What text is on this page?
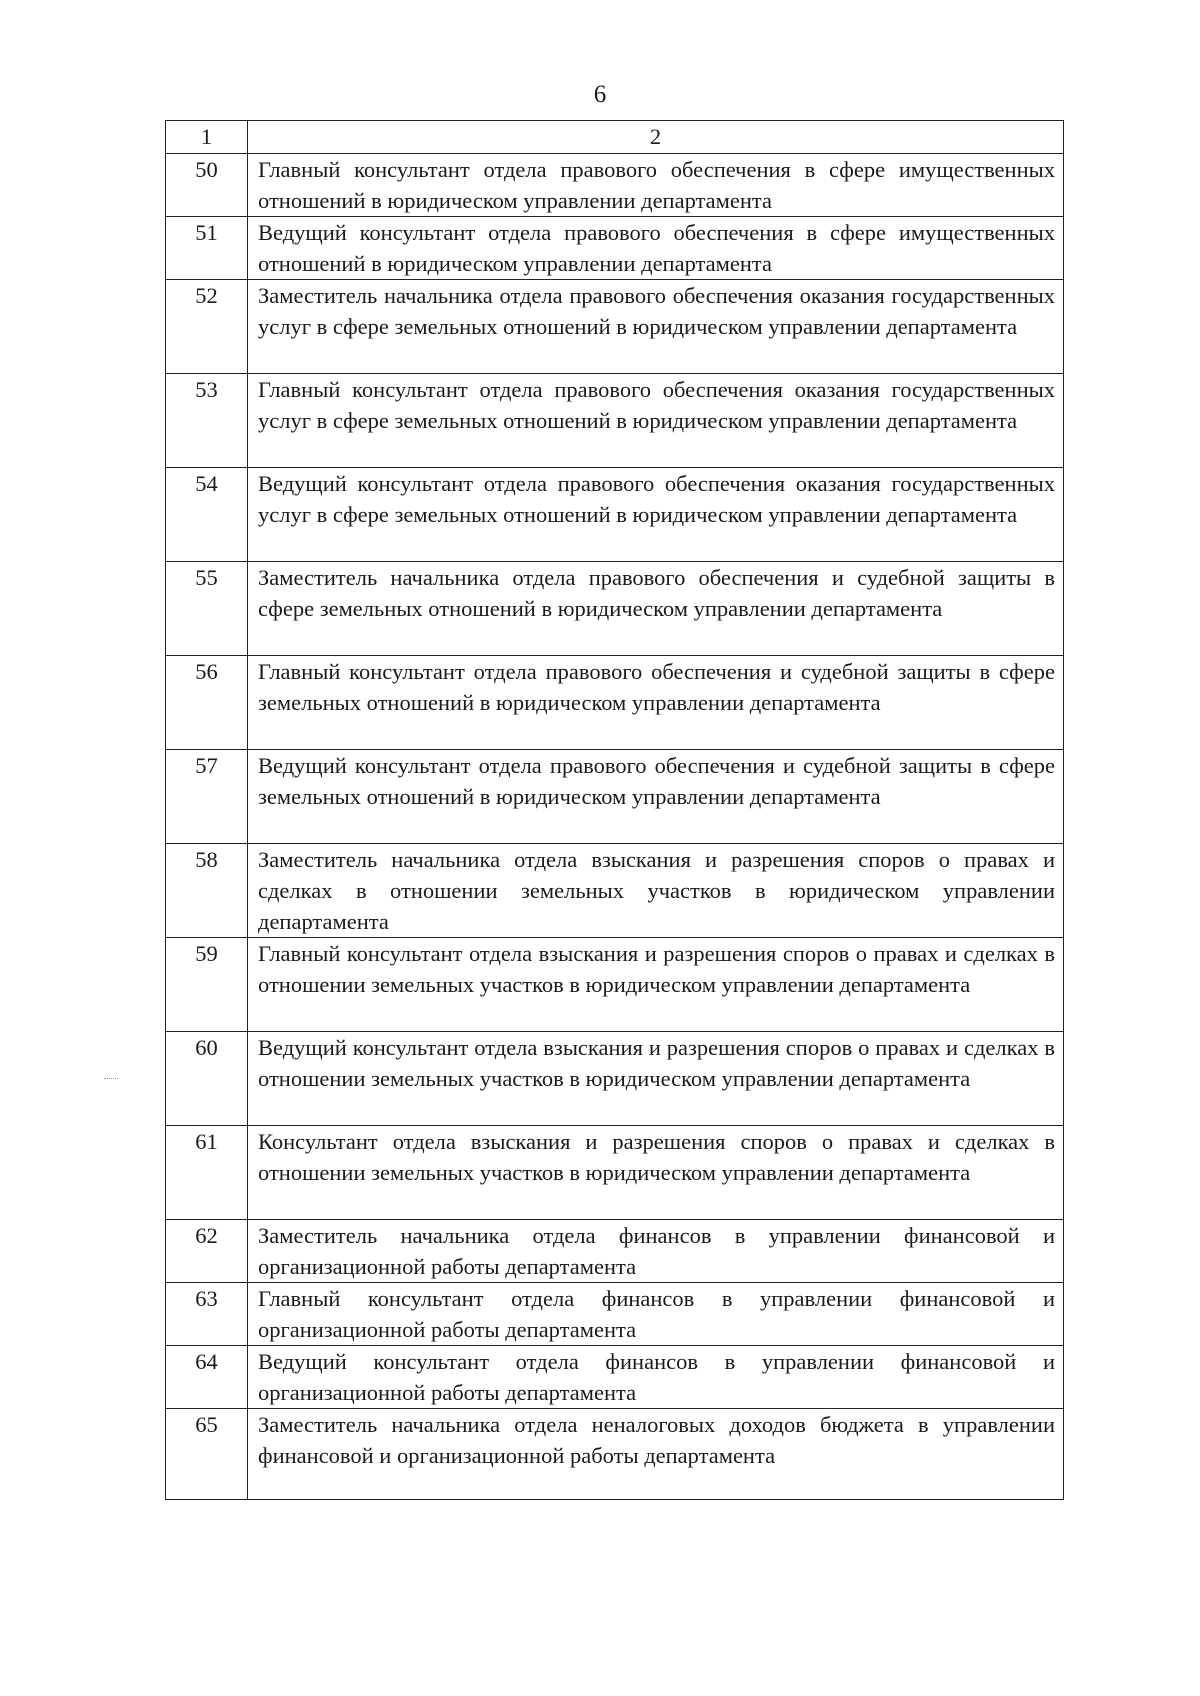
6
1	2
50	Главный консультант отдела правового обеспечения в сфере имущественных отношений в юридическом управлении департамента
51	Ведущий консультант отдела правового обеспечения в сфере имущественных отношений в юридическом управлении департамента
52	Заместитель начальника отдела правового обеспечения оказания государственных услуг в сфере земельных отношений в юридическом управлении департамента
53	Главный консультант отдела правового обеспечения оказания государственных услуг в сфере земельных отношений в юридическом управлении департамента
54	Ведущий консультант отдела правового обеспечения оказания государственных услуг в сфере земельных отношений в юридическом управлении департамента
55	Заместитель начальника отдела правового обеспечения и судебной защиты в сфере земельных отношений в юридическом управлении департамента
56	Главный консультант отдела правового обеспечения и судебной защиты в сфере земельных отношений в юридическом управлении департамента
57	Ведущий консультант отдела правового обеспечения и судебной защиты в сфере земельных отношений в юридическом управлении департамента
58	Заместитель начальника отдела взыскания и разрешения споров о правах и сделках в отношении земельных участков в юридическом управлении департамента
59	Главный консультант отдела взыскания и разрешения споров о правах и сделках в отношении земельных участков в юридическом управлении департамента
60	Ведущий консультант отдела взыскания и разрешения споров о правах и сделках в отношении земельных участков в юридическом управлении департамента
61	Консультант отдела взыскания и разрешения споров о правах и сделках в отношении земельных участков в юридическом управлении департамента
62	Заместитель начальника отдела финансов в управлении финансовой и организационной работы департамента
63	Главный консультант отдела финансов в управлении финансовой и организационной работы департамента
64	Ведущий консультант отдела финансов в управлении финансовой и организационной работы департамента
65	Заместитель начальника отдела неналоговых доходов бюджета в управлении финансовой и организационной работы департамента
